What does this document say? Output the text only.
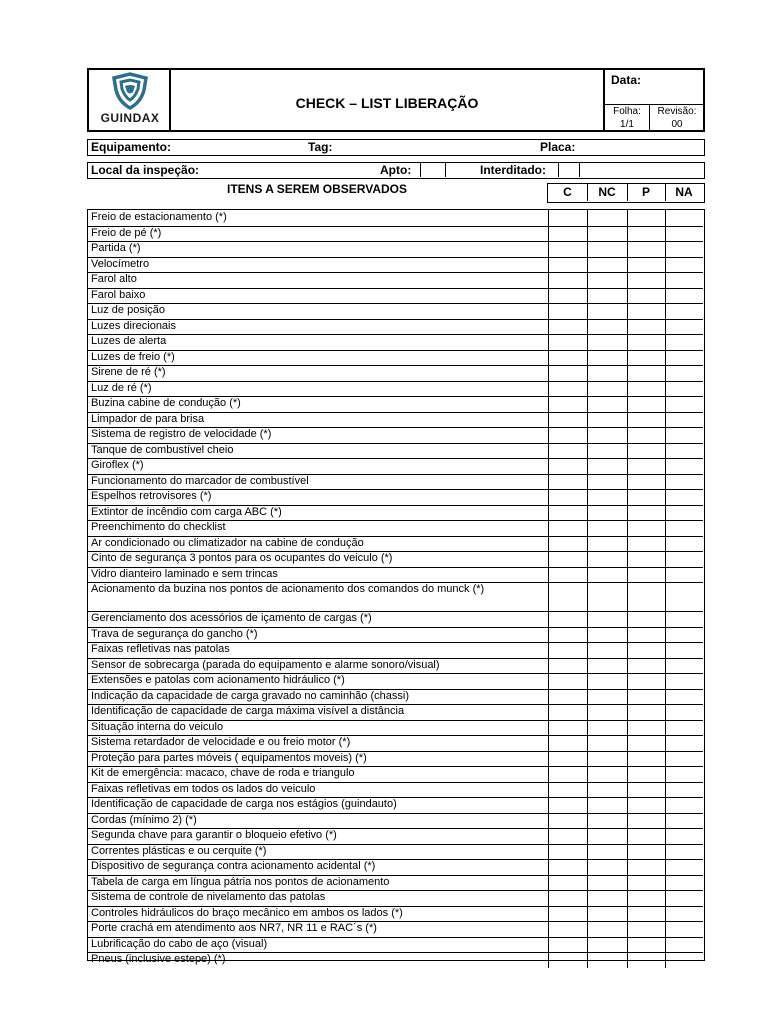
GUINDAX
CHECK – LIST LIBERAÇÃO
Data:
Folha:
1/1
Revisão:
00
Equipamento:	Tag:	Placa:
Local da inspeção:	Apto:	Interditado:
ITENS A SEREM OBSERVADOS	C	NC	P	NA
Freio de estacionamento (*)
Freio de pé (*)
Partida (*)
Velocímetro
Farol alto
Farol baixo
Luz de posição
Luzes direcionais
Luzes de alerta
Luzes de freio (*)
Sirene de ré (*)
Luz de ré (*)
Buzina cabine de condução (*)
Limpador de para brisa
Sistema de registro de velocidade (*)
Tanque de combustível cheio
Giroflex (*)
Funcionamento do marcador de combustível
Espelhos retrovisores (*)
Extintor de incêndio com carga ABC (*)
Preenchimento do checklist
Ar condicionado ou climatizador na cabine de condução
Cinto de segurança 3 pontos para os ocupantes do veiculo (*)
Vidro dianteiro laminado e sem trincas
Acionamento da buzina nos pontos de acionamento dos comandos do munck (*)
Gerenciamento dos acessórios de içamento de cargas (*)
Trava de segurança do gancho (*)
Faixas refletivas nas patolas
Sensor de sobrecarga (parada do equipamento e alarme sonoro/visual)
Extensões e patolas com acionamento hidráulico (*)
Indicação da capacidade de carga gravado no caminhão (chassi)
Identificação de capacidade de carga máxima visível a distância
Situação interna do veiculo
Sistema retardador de velocidade e ou freio motor (*)
Proteção para partes móveis ( equipamentos moveis) (*)
Kit de emergência: macaco, chave de roda e triangulo
Faixas refletivas em todos os lados do veiculo
Identificação de capacidade de carga nos estágios (guindauto)
Cordas (mínimo 2) (*)
Segunda chave para garantir o bloqueio efetivo (*)
Correntes plásticas e ou cerquite (*)
Dispositivo de segurança contra acionamento acidental (*)
Tabela de carga em língua pátria nos pontos de acionamento
Sistema de controle de nivelamento das patolas
Controles hidráulicos do braço mecânico em ambos os lados (*)
Porte crachá em atendimento aos NR7, NR 11 e RAC´s (*)
Lubrificação do cabo de aço (visual)
Pneus (inclusive estepe) (*)
